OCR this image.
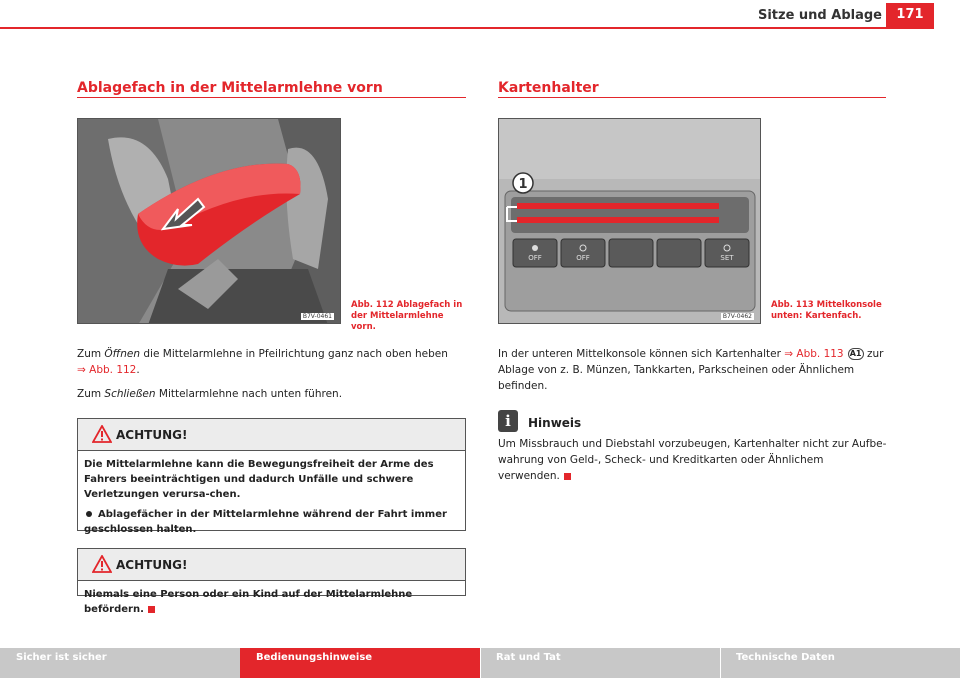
Sitze und Ablage	171
Ablagefach in der Mittelarmlehne vorn
B7V-0461
Abb. 112 Ablagefach in
der Mittelarmlehne vorn.
Zum Öffnen die Mittelarmlehne in Pfeilrichtung ganz nach oben heben
⇒ Abb. 112.
Zum Schließen Mittelarmlehne nach unten führen.
ACHTUNG!

Die Mittelarmlehne kann die Bewegungsfreiheit der Arme des Fahrers beeinträchtigen und dadurch Unfälle und schwere Verletzungen verursa-chen.

Ablagefächer in der Mittelarmlehne während der Fahrt immer geschlossen halten.

ACHTUNG!

Niemals eine Person oder ein Kind auf der Mittelarmlehne befördern.

Kartenhalter
OFF	OFF	SET
1
B7V-0462
Abb. 113 Mittelkonsole
unten: Kartenfach.
In der unteren Mittelkonsole können sich Kartenhalter ⇒ Abb. 113 A1 zur Ablage von z. B. Münzen, Tankkarten, Parkscheinen oder Ähnlichem befinden.
i	Hinweis
Um Missbrauch und Diebstahl vorzubeugen, Kartenhalter nicht zur Aufbe-wahrung von Geld-, Scheck- und Kreditkarten oder Ähnlichem verwenden.
Sicher ist sicher	Bedienungshinweise	Rat und Tat	Technische Daten
